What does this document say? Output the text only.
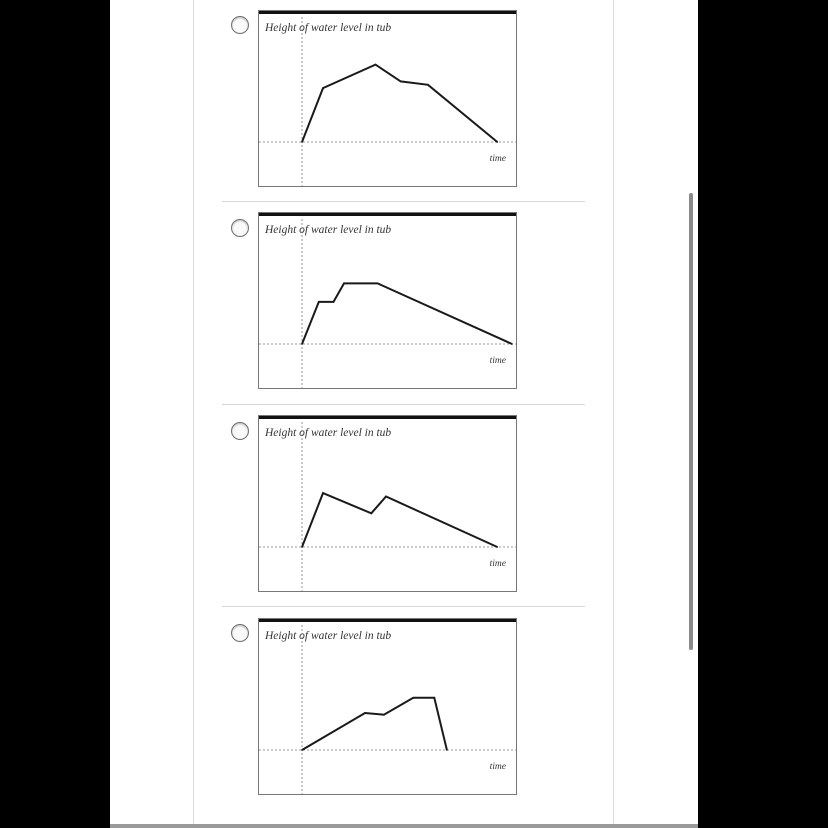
Height of water level in tub
time
Height of water level in tub
time
Height of water level in tub
time
Height of water level in tub
time
